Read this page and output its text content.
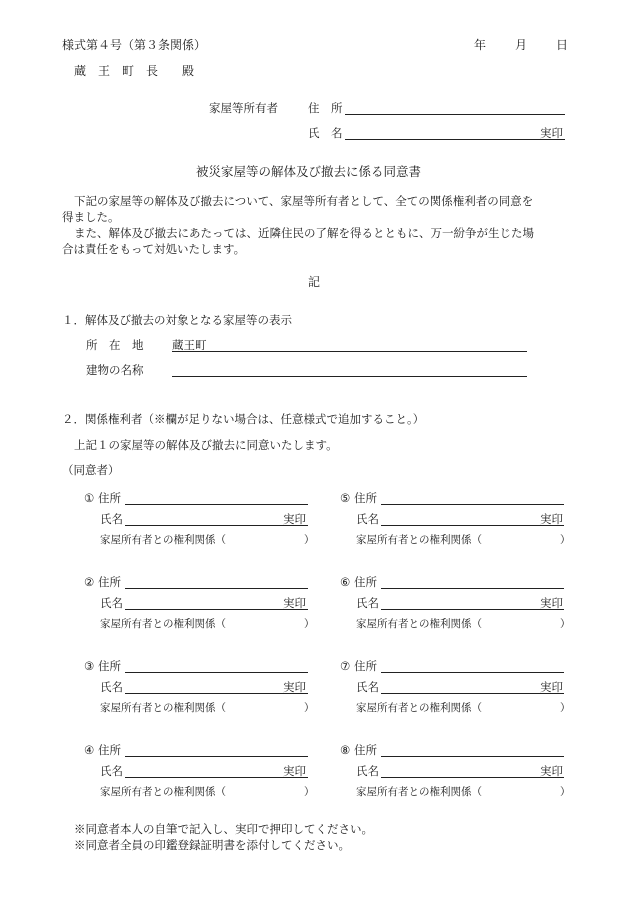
様式第４号（第３条関係）	年 月 日
蔵　王　町　長　　殿
家屋等所有者	住　所
氏　名	実印
被災家屋等の解体及び撤去に係る同意書
下記の家屋等の解体及び撤去について、家屋等所有者として、全ての関係権利者の同意を
得ました。
また、解体及び撤去にあたっては、近隣住民の了解を得るとともに、万一紛争が生じた場
合は責任をもって対処いたします。
記
１．解体及び撤去の対象となる家屋等の表示
所　在　地 蔵王町
建物の名称
２．関係権利者（※欄が足りない場合は、任意様式で追加すること。）
上記１の家屋等の解体及び撤去に同意いたします。
（同意者）
① 住所
氏名	実印
家屋所有者との権利関係（	）
② 住所
氏名	実印
家屋所有者との権利関係（	）
③ 住所
氏名	実印
家屋所有者との権利関係（	）
④ 住所
氏名	実印
家屋所有者との権利関係（	）
⑤ 住所
氏名	実印
家屋所有者との権利関係（	）
⑥ 住所
氏名	実印
家屋所有者との権利関係（	）
⑦ 住所
氏名	実印
家屋所有者との権利関係（	）
⑧ 住所
氏名	実印
家屋所有者との権利関係（	）
※同意者本人の自筆で記入し、実印で押印してください。
※同意者全員の印鑑登録証明書を添付してください。
